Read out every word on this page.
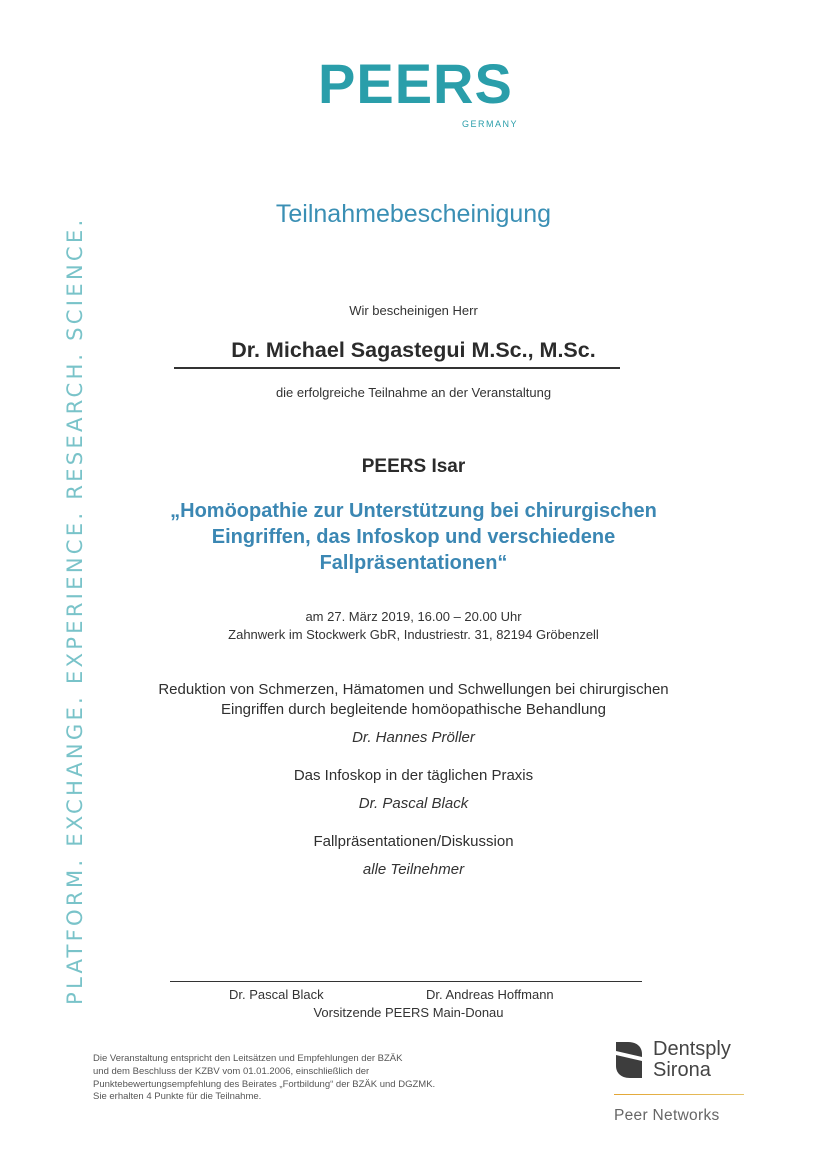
PLATFORM. EXCHANGE. EXPERIENCE. RESEARCH. SCIENCE.
PEERS
GERMANY
Teilnahmebescheinigung
Wir bescheinigen Herr
Dr. Michael Sagastegui M.Sc., M.Sc.
die erfolgreiche Teilnahme an der Veranstaltung
PEERS Isar
„Homöopathie zur Unterstützung bei chirurgischen
Eingriffen, das Infoskop und verschiedene
Fallpräsentationen“
am 27. März 2019, 16.00 – 20.00 Uhr
Zahnwerk im Stockwerk GbR, Industriestr. 31, 82194 Gröbenzell
Reduktion von Schmerzen, Hämatomen und Schwellungen bei chirurgischen
Eingriffen durch begleitende homöopathische Behandlung
Dr. Hannes Pröller
Das Infoskop in der täglichen Praxis
Dr. Pascal Black
Fallpräsentationen/Diskussion
alle Teilnehmer
Dr. Pascal Black	Dr. Andreas Hoffmann
Vorsitzende PEERS Main-Donau
Die Veranstaltung entspricht den Leitsätzen und Empfehlungen der BZÄK
und dem Beschluss der KZBV vom 01.01.2006, einschließlich der
Punktebewertungsempfehlung des Beirates „Fortbildung“ der BZÄK und DGZMK.
Sie erhalten 4 Punkte für die Teilnahme.
Dentsply
Sirona
Peer Networks
